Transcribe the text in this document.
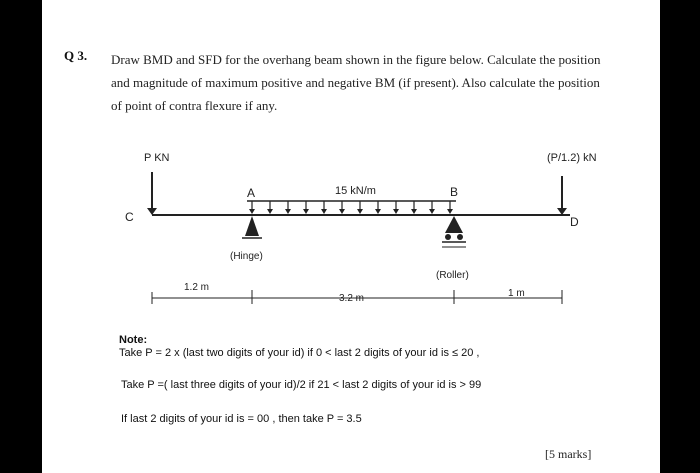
Q 3. Draw BMD and SFD for the overhang beam shown in the figure below. Calculate the position
and magnitude of maximum positive and negative BM (if present). Also calculate the position
of point of contra flexure if any.
P KN	(P/1.2) kN
C	D
A	B
15 kN/m
(Hinge)
(Roller)
1.2 m
3.2 m	1 m
Note:
Take P = 2 x (last two digits of your id) if 0 < last 2 digits of your id is ≤ 20 ,
Take P =( last three digits of your id)/2 if 21 < last 2 digits of your id is > 99
If last 2 digits of your id is = 00 , then take P = 3.5
[5 marks]
